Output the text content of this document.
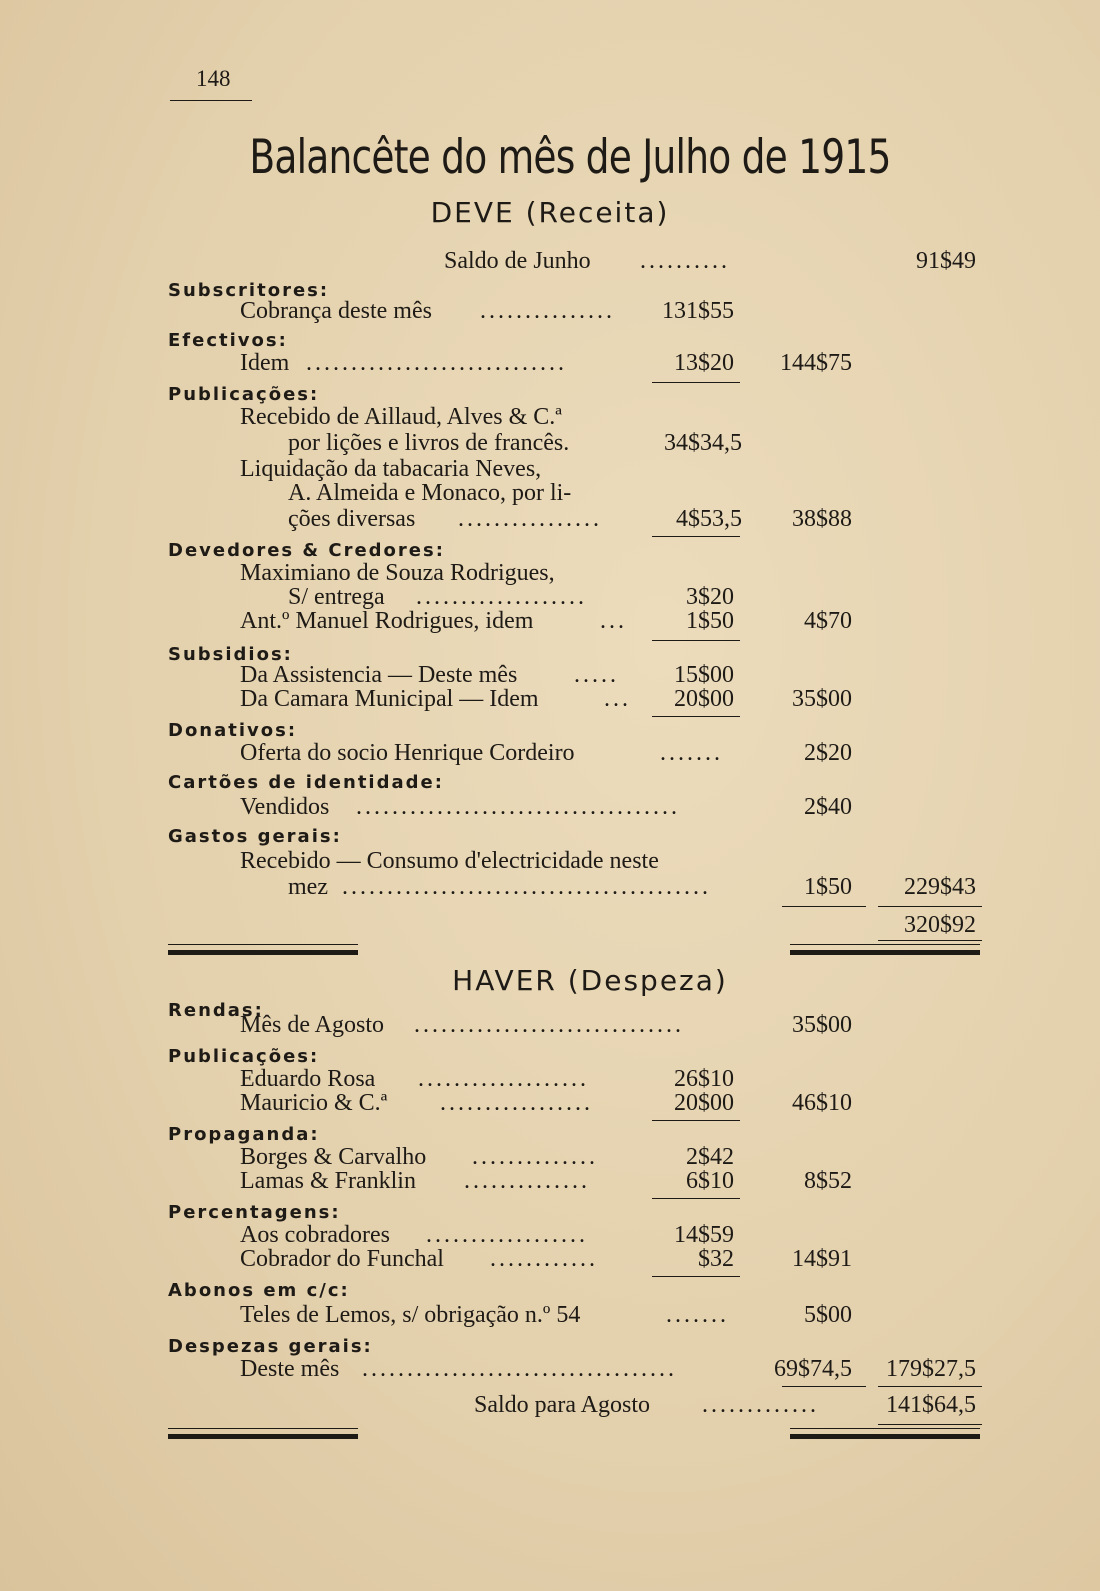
148
Balancête do mês de Julho de 1915
DEVE (Receita)
Saldo de Junho ..........	91$49
Subscritores:
Cobrança deste mês ...............	131$55
Efectivos:
Idem .............................	13$20 144$75
Publicações:
Recebido de Aillaud, Alves & C.ª
por lições e livros de francês.	34$34,5
Liquidação da tabacaria Neves,
A. Almeida e Monaco, por li-
ções diversas ................	4$53,5 38$88
Devedores & Credores:
Maximiano de Souza Rodrigues,
S/ entrega ...................	3$20
Ant.º Manuel Rodrigues, idem	...	1$50	4$70
Subsidios:
Da Assistencia — Deste mês .....	15$00
Da Camara Municipal — Idem	... 20$00 35$00
Donativos:
Oferta do socio Henrique Cordeiro	.......	2$20
Cartões de identidade:
Vendidos ....................................	2$40
Gastos gerais:
Recebido — Consumo d'electricidade neste
mez .........................................	1$50 229$43
320$92
HAVER (Despeza)
Rendas:
Mês de Agosto ..............................	35$00
Publicações:
Eduardo Rosa ...................	26$10
Mauricio & C.ª .................	20$00 46$10
Propaganda:
Borges & Carvalho ..............	2$42
Lamas & Franklin ..............	6$10	8$52
Percentagens:
Aos cobradores ..................	14$59
Cobrador do Funchal ............	$32 14$91
Abonos em c/c:
Teles de Lemos, s/ obrigação n.º 54	.......	5$00
Despezas gerais:
Deste mês ...................................	69$74,5 179$27,5
Saldo para Agosto .............	141$64,5
